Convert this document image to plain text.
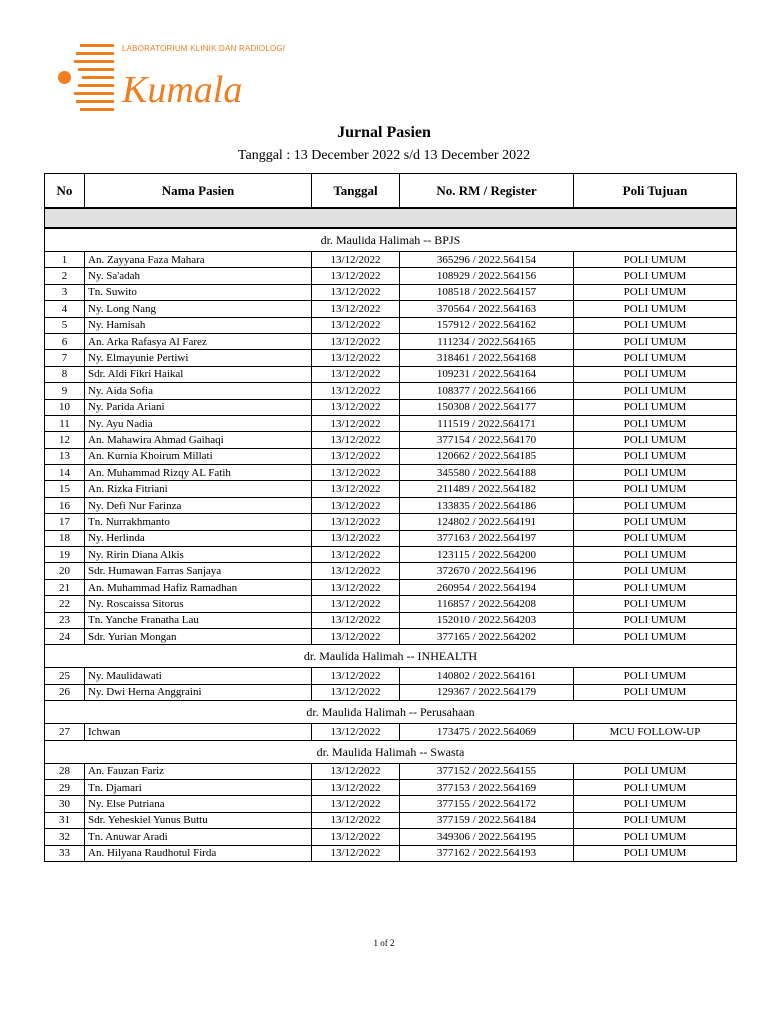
LABORATORIUM KLINIK DAN RADIOLOGI
Kumala
Jurnal Pasien
Tanggal : 13 December 2022 s/d 13 December 2022
No	Nama Pasien	Tanggal	No. RM / Register	Poli Tujuan

dr. Maulida Halimah -- BPJS				
1	An. Zayyana Faza Mahara	13/12/2022	365296 / 2022.564154	POLI UMUM
2	Ny. Sa'adah	13/12/2022	108929 / 2022.564156	POLI UMUM
3	Tn. Suwito	13/12/2022	108518 / 2022.564157	POLI UMUM
4	Ny. Long Nang	13/12/2022	370564 / 2022.564163	POLI UMUM
5	Ny. Hamisah	13/12/2022	157912 / 2022.564162	POLI UMUM
6	An. Arka Rafasya Al Farez	13/12/2022	111234 / 2022.564165	POLI UMUM
7	Ny. Elmayunie Pertiwi	13/12/2022	318461 / 2022.564168	POLI UMUM
8	Sdr. Aldi Fikri Haikal	13/12/2022	109231 / 2022.564164	POLI UMUM
9	Ny. Aida Sofia	13/12/2022	108377 / 2022.564166	POLI UMUM
10	Ny. Parida Ariani	13/12/2022	150308 / 2022.564177	POLI UMUM
11	Ny. Ayu Nadia	13/12/2022	111519 / 2022.564171	POLI UMUM
12	An. Mahawira Ahmad Gaihaqi	13/12/2022	377154 / 2022.564170	POLI UMUM
13	An. Kurnia Khoirum Millati	13/12/2022	120662 / 2022.564185	POLI UMUM
14	An. Muhammad Rizqy AL Fatih	13/12/2022	345580 / 2022.564188	POLI UMUM
15	An. Rizka Fitriani	13/12/2022	211489 / 2022.564182	POLI UMUM
16	Ny. Defi Nur Farinza	13/12/2022	133835 / 2022.564186	POLI UMUM
17	Tn. Nurrakhmanto	13/12/2022	124802 / 2022.564191	POLI UMUM
18	Ny. Herlinda	13/12/2022	377163 / 2022.564197	POLI UMUM
19	Ny. Ririn Diana Alkis	13/12/2022	123115 / 2022.564200	POLI UMUM
20	Sdr. Humawan Farras Sanjaya	13/12/2022	372670 / 2022.564196	POLI UMUM
21	An. Muhammad Hafiz Ramadhan	13/12/2022	260954 / 2022.564194	POLI UMUM
22	Ny. Roscaissa Sitorus	13/12/2022	116857 / 2022.564208	POLI UMUM
23	Tn. Yanche Franatha Lau	13/12/2022	152010 / 2022.564203	POLI UMUM
24	Sdr. Yurian Mongan	13/12/2022	377165 / 2022.564202	POLI UMUM
dr. Maulida Halimah -- INHEALTH				
25	Ny. Maulidawati	13/12/2022	140802 / 2022.564161	POLI UMUM
26	Ny. Dwi Herna Anggraini	13/12/2022	129367 / 2022.564179	POLI UMUM
dr. Maulida Halimah -- Perusahaan				
27	Ichwan	13/12/2022	173475 / 2022.564069	MCU FOLLOW-UP
dr. Maulida Halimah -- Swasta				
28	An. Fauzan Fariz	13/12/2022	377152 / 2022.564155	POLI UMUM
29	Tn. Djamari	13/12/2022	377153 / 2022.564169	POLI UMUM
30	Ny. Else Putriana	13/12/2022	377155 / 2022.564172	POLI UMUM
31	Sdr. Yeheskiel Yunus Buttu	13/12/2022	377159 / 2022.564184	POLI UMUM
32	Tn. Anuwar Aradi	13/12/2022	349306 / 2022.564195	POLI UMUM
33	An. Hilyana Raudhotul Firda	13/12/2022	377162 / 2022.564193	POLI UMUM
1 of 2
